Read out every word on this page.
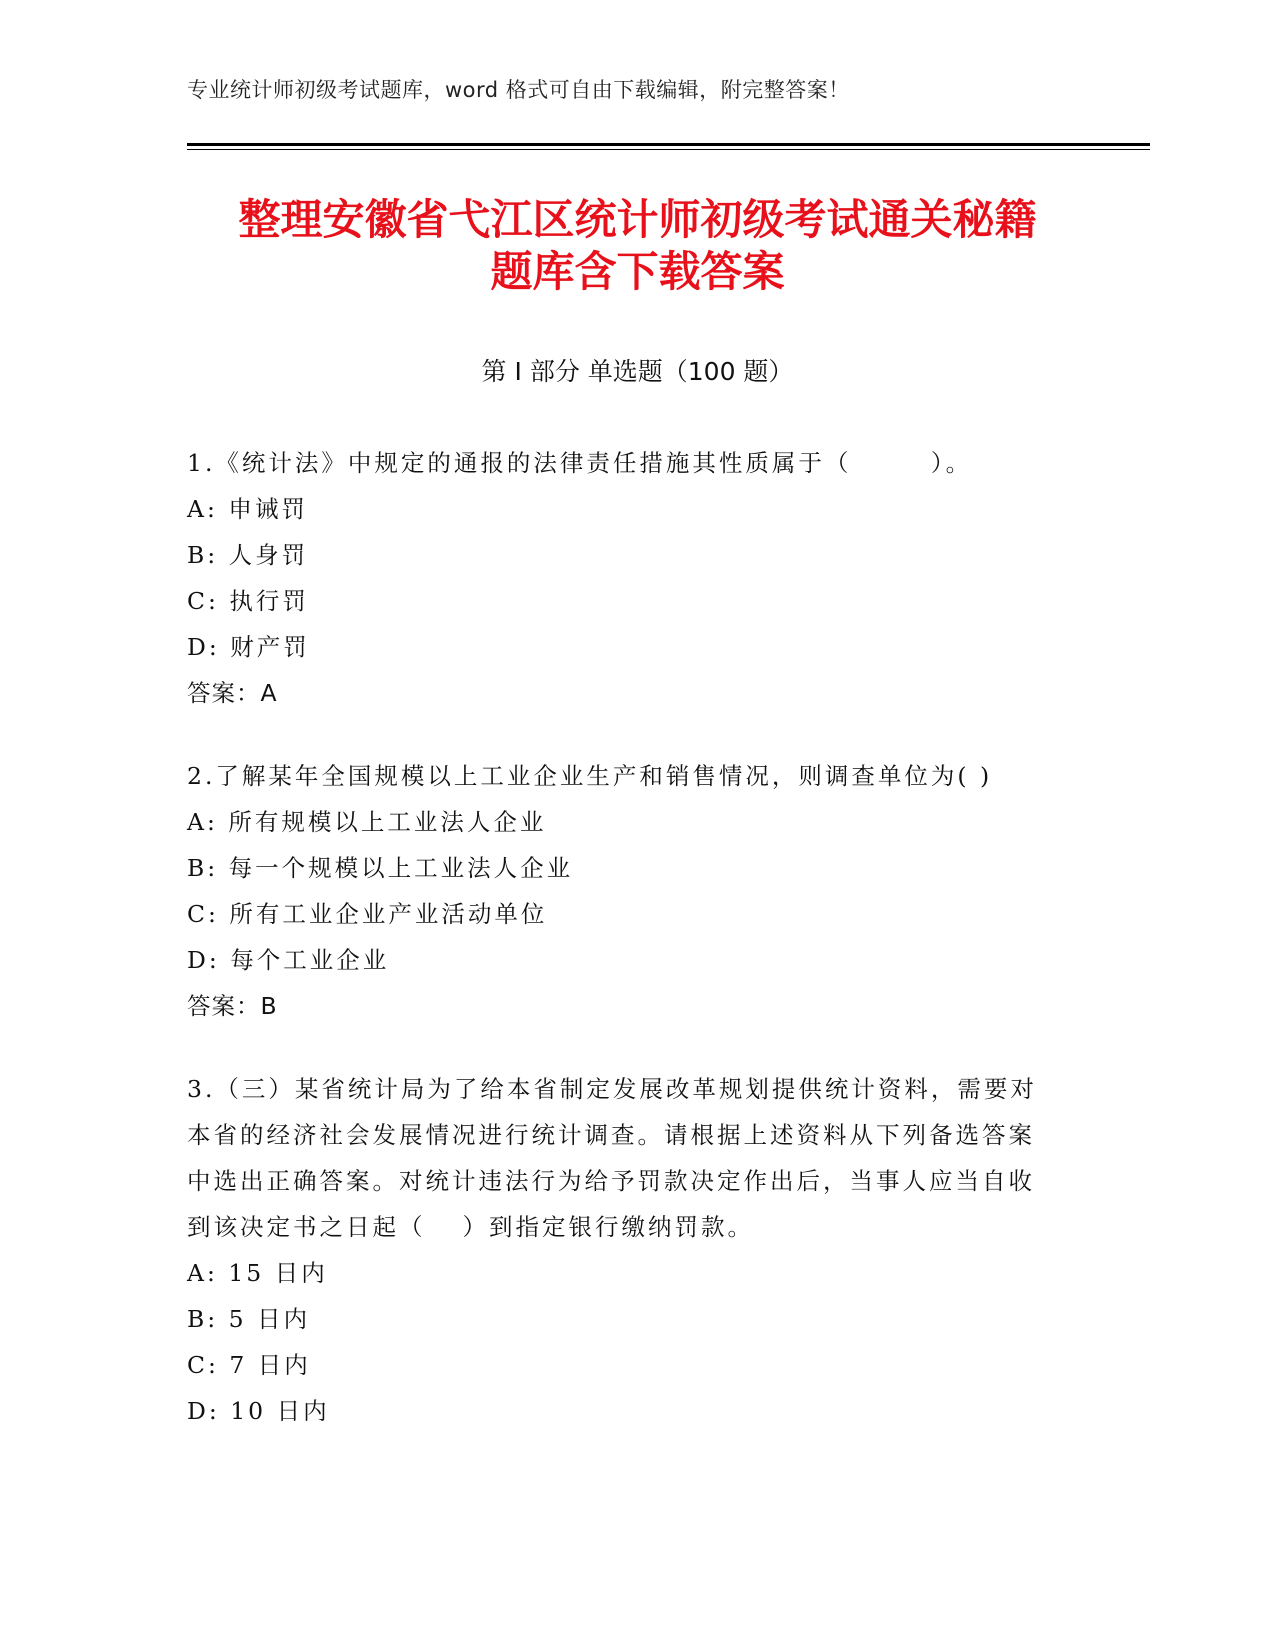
专业统计师初级考试题库，word 格式可自由下载编辑，附完整答案！
整理安徽省弋江区统计师初级考试通关秘籍
题库含下载答案
第 I 部分 单选题（100 题）

1.《统计法》中规定的通报的法律责任措施其性质属于（　　　）。

A: 申诫罚

B: 人身罚

C: 执行罚

D: 财产罚

答案：A

2.了解某年全国规模以上工业企业生产和销售情况，则调查单位为( )

A: 所有规模以上工业法人企业

B: 每一个规模以上工业法人企业

C: 所有工业企业产业活动单位

D: 每个工业企业

答案：B

3.（三）某省统计局为了给本省制定发展改革规划提供统计资料，需要对本省的经济社会发展情况进行统计调查。请根据上述资料从下列备选答案中选出正确答案。对统计违法行为给予罚款决定作出后，当事人应当自收到该决定书之日起（　 ）到指定银行缴纳罚款。

A: 15 日内

B: 5 日内

C: 7 日内

D: 10 日内
